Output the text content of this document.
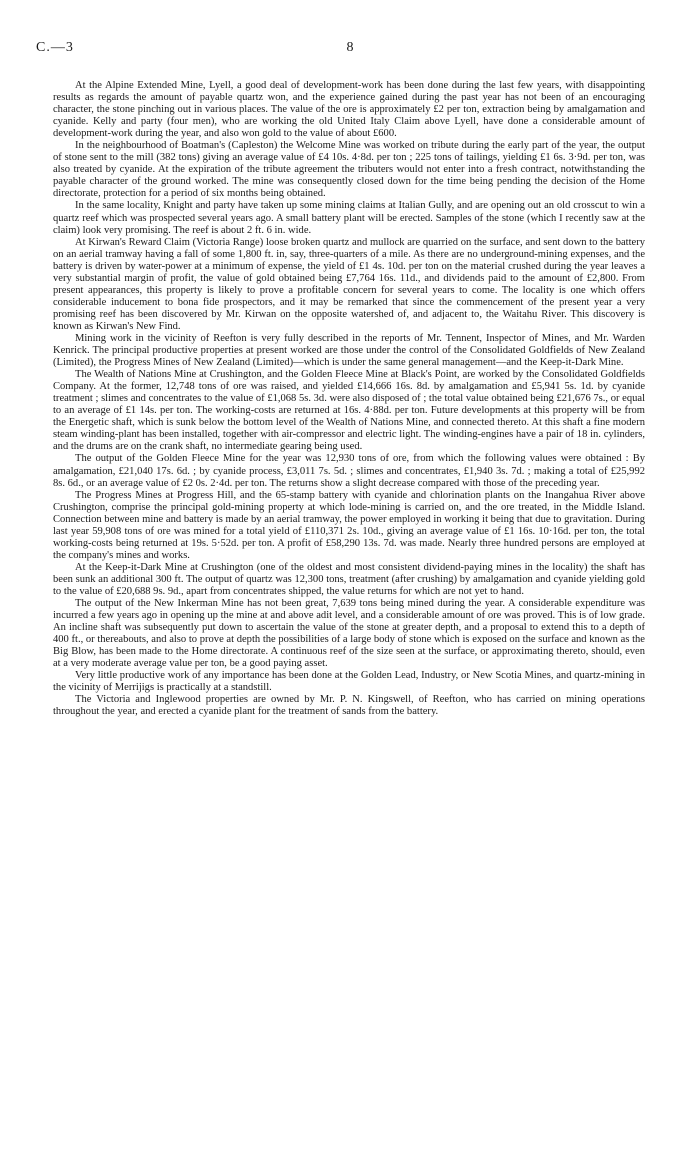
C.—3	8

At the Alpine Extended Mine, Lyell, a good deal of development-work has been done during the last few years, with disappointing results as regards the amount of payable quartz won, and the experience gained during the past year has not been of an encouraging character, the stone pinching out in various places. The value of the ore is approximately £2 per ton, extraction being by amalgamation and cyanide. Kelly and party (four men), who are working the old United Italy Claim above Lyell, have done a considerable amount of development-work during the year, and also won gold to the value of about £600.

In the neighbourhood of Boatman's (Capleston) the Welcome Mine was worked on tribute during the early part of the year, the output of stone sent to the mill (382 tons) giving an average value of £4 10s. 4·8d. per ton ; 225 tons of tailings, yielding £1 6s. 3·9d. per ton, was also treated by cyanide. At the expiration of the tribute agreement the tributers would not enter into a fresh contract, notwithstanding the payable character of the ground worked. The mine was consequently closed down for the time being pending the decision of the Home directorate, protection for a period of six months being obtained.

In the same locality, Knight and party have taken up some mining claims at Italian Gully, and are opening out an old crosscut to win a quartz reef which was prospected several years ago. A small battery plant will be erected. Samples of the stone (which I recently saw at the claim) look very promising. The reef is about 2 ft. 6 in. wide.

At Kirwan's Reward Claim (Victoria Range) loose broken quartz and mullock are quarried on the surface, and sent down to the battery on an aerial tramway having a fall of some 1,800 ft. in, say, three-quarters of a mile. As there are no underground-mining expenses, and the battery is driven by water-power at a minimum of expense, the yield of £1 4s. 10d. per ton on the material crushed during the year leaves a very substantial margin of profit, the value of gold obtained being £7,764 16s. 11d., and dividends paid to the amount of £2,800. From present appearances, this property is likely to prove a profitable concern for several years to come. The locality is one which offers considerable inducement to bona fide prospectors, and it may be remarked that since the commencement of the present year a very promising reef has been discovered by Mr. Kirwan on the opposite watershed of, and adjacent to, the Waitahu River. This discovery is known as Kirwan's New Find.

Mining work in the vicinity of Reefton is very fully described in the reports of Mr. Tennent, Inspector of Mines, and Mr. Warden Kenrick. The principal productive properties at present worked are those under the control of the Consolidated Goldfields of New Zealand (Limited), the Progress Mines of New Zealand (Limited)—which is under the same general management—and the Keep-it-Dark Mine.

The Wealth of Nations Mine at Crushington, and the Golden Fleece Mine at Black's Point, are worked by the Consolidated Goldfields Company. At the former, 12,748 tons of ore was raised, and yielded £14,666 16s. 8d. by amalgamation and £5,941 5s. 1d. by cyanide treatment ; slimes and concentrates to the value of £1,068 5s. 3d. were also disposed of ; the total value obtained being £21,676 7s., or equal to an average of £1 14s. per ton. The working-costs are returned at 16s. 4·88d. per ton. Future developments at this property will be from the Energetic shaft, which is sunk below the bottom level of the Wealth of Nations Mine, and connected thereto. At this shaft a fine modern steam winding-plant has been installed, together with air-compressor and electric light. The winding-engines have a pair of 18 in. cylinders, and the drums are on the crank shaft, no intermediate gearing being used.

The output of the Golden Fleece Mine for the year was 12,930 tons of ore, from which the following values were obtained : By amalgamation, £21,040 17s. 6d. ; by cyanide process, £3,011 7s. 5d. ; slimes and concentrates, £1,940 3s. 7d. ; making a total of £25,992 8s. 6d., or an average value of £2 0s. 2·4d. per ton. The returns show a slight decrease compared with those of the preceding year.

The Progress Mines at Progress Hill, and the 65-stamp battery with cyanide and chlorination plants on the Inangahua River above Crushington, comprise the principal gold-mining property at which lode-mining is carried on, and the ore treated, in the Middle Island. Connection between mine and battery is made by an aerial tramway, the power employed in working it being that due to gravitation. During last year 59,908 tons of ore was mined for a total yield of £110,371 2s. 10d., giving an average value of £1 16s. 10·16d. per ton, the total working-costs being returned at 19s. 5·52d. per ton. A profit of £58,290 13s. 7d. was made. Nearly three hundred persons are employed at the company's mines and works.

At the Keep-it-Dark Mine at Crushington (one of the oldest and most consistent dividend-paying mines in the locality) the shaft has been sunk an additional 300 ft. The output of quartz was 12,300 tons, treatment (after crushing) by amalgamation and cyanide yielding gold to the value of £20,688 9s. 9d., apart from concentrates shipped, the value returns for which are not yet to hand.

The output of the New Inkerman Mine has not been great, 7,639 tons being mined during the year. A considerable expenditure was incurred a few years ago in opening up the mine at and above adit level, and a considerable amount of ore was proved. This is of low grade. An incline shaft was subsequently put down to ascertain the value of the stone at greater depth, and a proposal to extend this to a depth of 400 ft., or thereabouts, and also to prove at depth the possibilities of a large body of stone which is exposed on the surface and known as the Big Blow, has been made to the Home directorate. A continuous reef of the size seen at the surface, or approximating thereto, should, even at a very moderate average value per ton, be a good paying asset.

Very little productive work of any importance has been done at the Golden Lead, Industry, or New Scotia Mines, and quartz-mining in the vicinity of Merrijigs is practically at a standstill.

The Victoria and Inglewood properties are owned by Mr. P. N. Kingswell, of Reefton, who has carried on mining operations throughout the year, and erected a cyanide plant for the treatment of sands from the battery.
